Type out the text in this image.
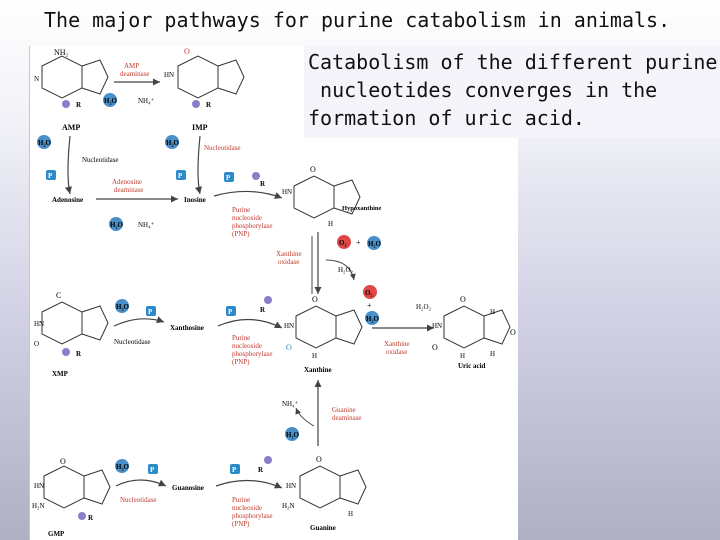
The major pathways for purine catabolism in animals.
Catabolism of the different purine
nucleotides converges in the
formation of uric acid.
NH₂
N
R
AMP
AMP
deaminase
H₂O	NH₄⁺
O
HN
R
IMP
H₂O
Nucleotidase
P
H₂O
Nucleotidase
P
Adenosine
Adenosine
deaminase
H₂O NH₄⁺
Inosine
P
R
Purine
nucleoside
phosphorylase
(PNP)
O
HN
H
Hypoxanthine
Xanthine
oxidase
O₂ + H₂O
H₂O₂
C
HN
O
R
XMP
H₂O
P
Nucleotidase
Xanthosine
P	R
Purine
nucleoside
phosphorylase
(PNP)
O
HN
O
H
Xanthine
O₂
+
H₂O
H₂O₂
Xanthine
oxidase
O
HN
O
H
H
H
O
Uric acid
NH₄⁺
Guanine
deaminase
H₂O
O
HN
H₂N
R
GMP
H₂O	P
Nucleotidase
Guanosine
P	R
Purine
nucleoside
phosphorylase
(PNP)
O
HN
H₂N
H
Guanine
